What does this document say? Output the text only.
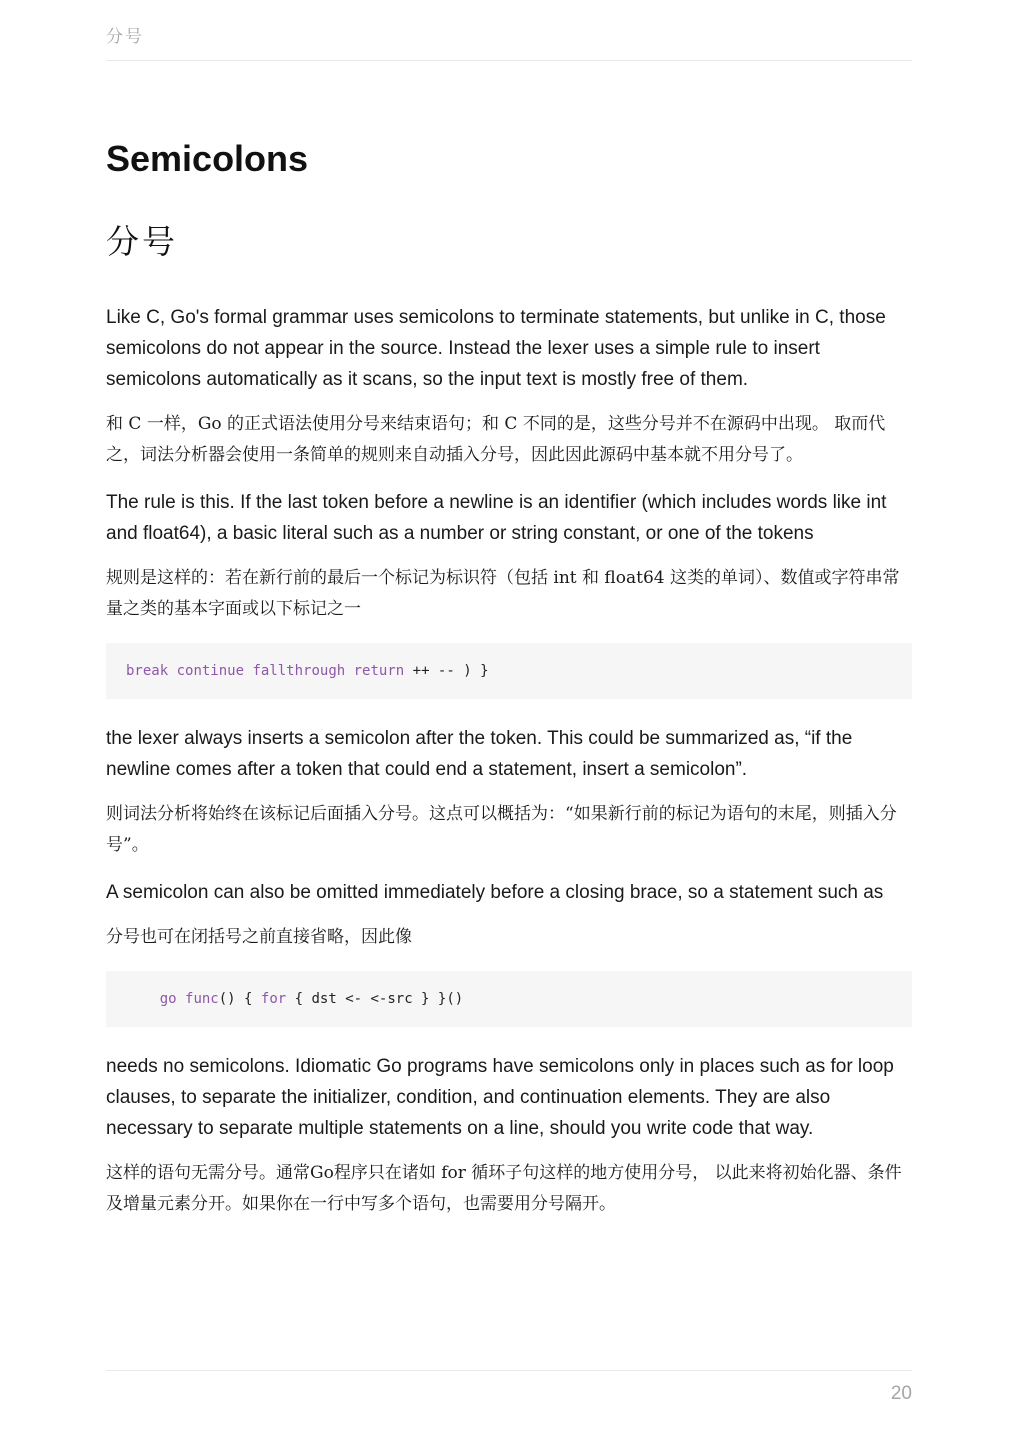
分号
Semicolons
分号

Like C, Go's formal grammar uses semicolons to terminate statements, but unlike in C, those semicolons do not appear in the source. Instead the lexer uses a simple rule to insert semicolons automatically as it scans, so the input text is mostly free of them.

和 C 一样，Go 的正式语法使用分号来结束语句；和 C 不同的是，这些分号并不在源码中出现。 取而代之，词法分析器会使用一条简单的规则来自动插入分号，因此因此源码中基本就不用分号了。

The rule is this. If the last token before a newline is an identifier (which includes words like int and float64), a basic literal such as a number or string constant, or one of the tokens

规则是这样的：若在新行前的最后一个标记为标识符（包括 int 和 float64 这类的单词）、数值或字符串常量之类的基本字面或以下标记之一

break continue fallthrough return ++ -- ) }

the lexer always inserts a semicolon after the token. This could be summarized as, “if the newline comes after a token that could end a statement, insert a semicolon”.

则词法分析将始终在该标记后面插入分号。这点可以概括为：“如果新行前的标记为语句的末尾，则插入分号”。

A semicolon can also be omitted immediately before a closing brace, so a statement such as

分号也可在闭括号之前直接省略，因此像

go func() { for { dst <- <-src } }()

needs no semicolons. Idiomatic Go programs have semicolons only in places such as for loop clauses, to separate the initializer, condition, and continuation elements. They are also necessary to separate multiple statements on a line, should you write code that way.

这样的语句无需分号。通常Go程序只在诸如 for 循环子句这样的地方使用分号， 以此来将初始化器、条件及增量元素分开。如果你在一行中写多个语句，也需要用分号隔开。

20
